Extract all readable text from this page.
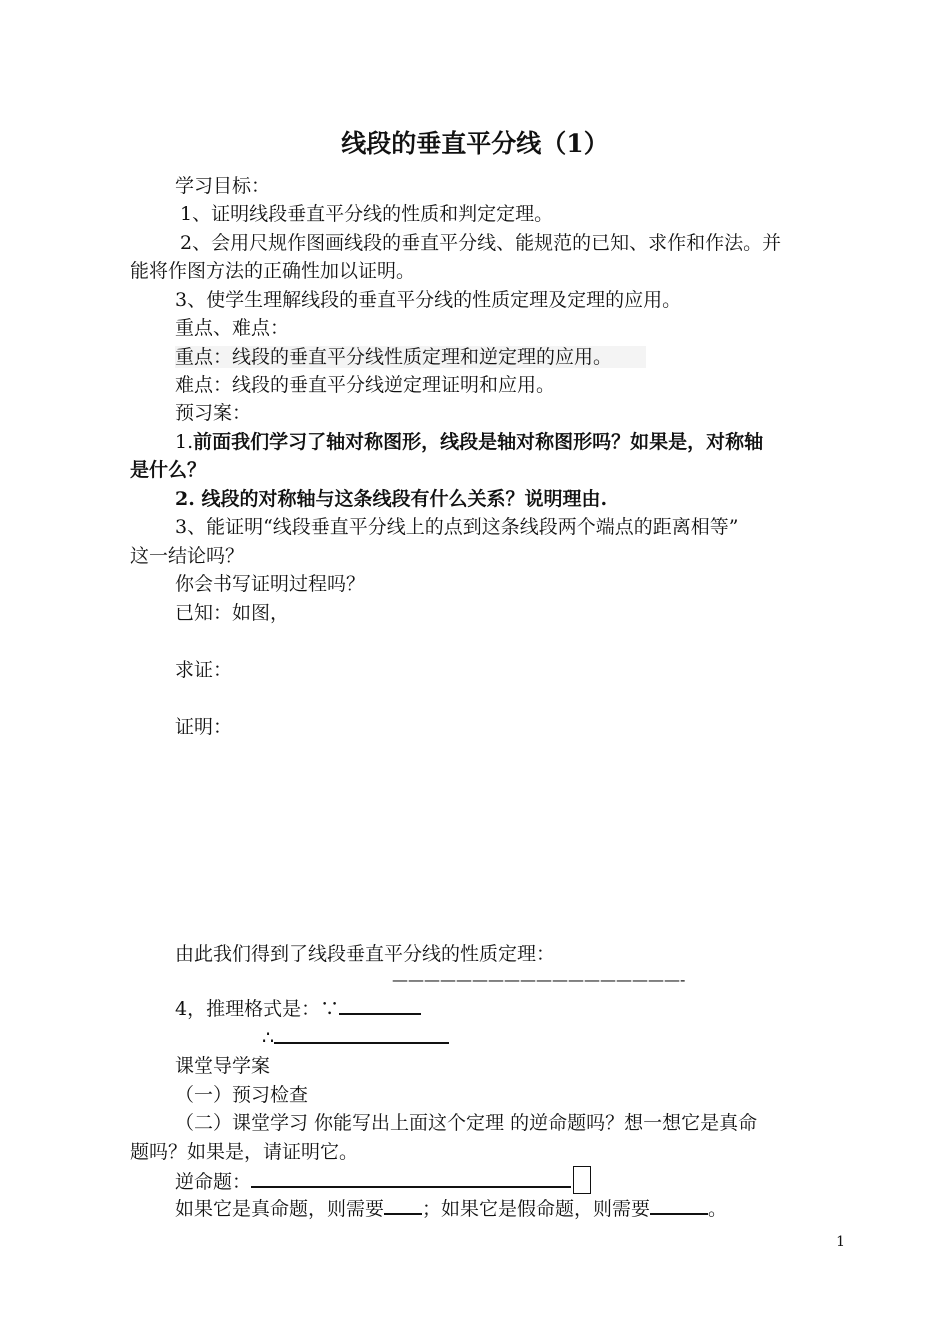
线段的垂直平分线（1）
学习目标：
1、证明线段垂直平分线的性质和判定定理。
2、会用尺规作图画线段的垂直平分线、能规范的已知、求作和作法。并
能将作图方法的正确性加以证明。
3、使学生理解线段的垂直平分线的性质定理及定理的应用。
重点、难点：
重点：线段的垂直平分线性质定理和逆定理的应用。
难点：线段的垂直平分线逆定理证明和应用。
预习案：
1.前面我们学习了轴对称图形，线段是轴对称图形吗？如果是，对称轴
是什么？
2. 线段的对称轴与这条线段有什么关系？说明理由.
3、能证明“线段垂直平分线上的点到这条线段两个端点的距离相等”
这一结论吗？
你会书写证明过程吗？
已知：如图，
求证：
证明：
由此我们得到了线段垂直平分线的性质定理：
——————————————————-
4，推理格式是：∵
∴
课堂导学案
（一）预习检查
（二）课堂学习 你能写出上面这个定理 的逆命题吗？想一想它是真命
题吗？如果是，请证明它。
逆命题：
如果它是真命题，则需要 ；如果它是假命题，则需要	。
1
